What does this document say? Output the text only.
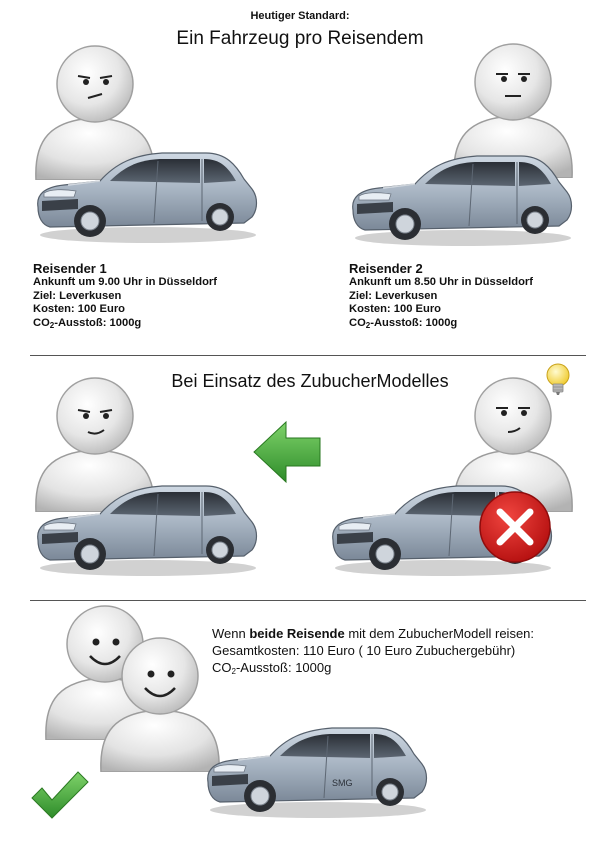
Heutiger Standard:
Ein Fahrzeug pro Reisendem
Reisender 1
Ankunft um 9.00 Uhr in Düsseldorf
Ziel: Leverkusen
Kosten: 100 Euro
$CO_2$-Ausstoß: 1000g
Reisender 2
Ankunft um 8.50 Uhr in Düsseldorf
Ziel: Leverkusen
Kosten: 100 Euro
$CO_2$-Ausstoß: 1000g
Bei Einsatz des ZubucherModelles
SMG
Wenn beide Reisende mit dem ZubucherModell reisen:
Gesamtkosten: 110 Euro ( 10 Euro Zubuchergebühr)
$CO_2$-Ausstoß: 1000g
